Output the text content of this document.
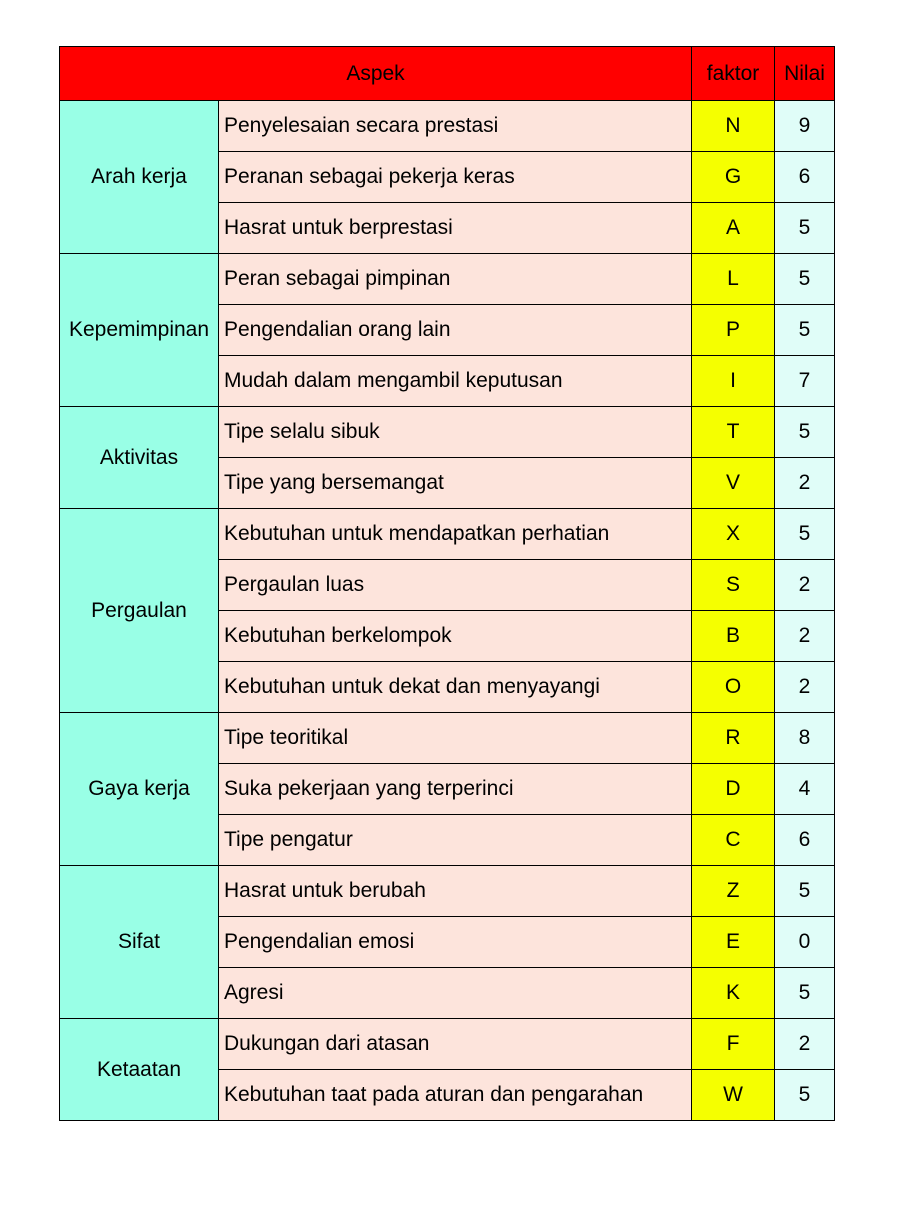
Aspek		faktor	Nilai
Arah kerja	Penyelesaian secara prestasi	N	9
	Peranan sebagai pekerja keras	G	6
	Hasrat untuk berprestasi	A	5
Kepemimpinan	Peran sebagai pimpinan	L	5
	Pengendalian orang lain	P	5
	Mudah dalam mengambil keputusan	I	7
Aktivitas	Tipe selalu sibuk	T	5
	Tipe yang bersemangat	V	2
Pergaulan	Kebutuhan untuk mendapatkan perhatian	X	5
	Pergaulan luas	S	2
	Kebutuhan berkelompok	B	2
	Kebutuhan untuk dekat dan menyayangi	O	2
Gaya kerja	Tipe teoritikal	R	8
	Suka pekerjaan yang terperinci	D	4
	Tipe pengatur	C	6
Sifat	Hasrat untuk berubah	Z	5
	Pengendalian emosi	E	0
	Agresi	K	5
Ketaatan	Dukungan dari atasan	F	2
	Kebutuhan taat pada aturan dan pengarahan	W	5
